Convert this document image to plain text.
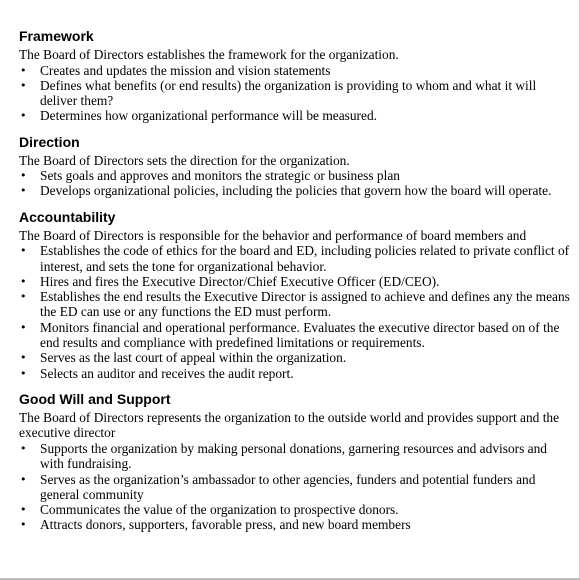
Framework
The Board of Directors establishes the framework for the organization.
• Creates and updates the mission and vision statements
• Defines what benefits (or end results) the organization is providing to whom and what it will deliver them?
• Determines how organizational performance will be measured.
Direction
The Board of Directors sets the direction for the organization.
• Sets goals and approves and monitors the strategic or business plan
• Develops organizational policies, including the policies that govern how the board will operate.
Accountability
The Board of Directors is responsible for the behavior and performance of board members and
• Establishes the code of ethics for the board and ED, including policies related to private conflict of interest, and sets the tone for organizational behavior.
• Hires and fires the Executive Director/Chief Executive Officer (ED/CEO).
• Establishes the end results the Executive Director is assigned to achieve and defines any the means the ED can use or any functions the ED must perform.
• Monitors financial and operational performance. Evaluates the executive director based on of the end results and compliance with predefined limitations or requirements.
• Serves as the last court of appeal within the organization.
• Selects an auditor and receives the audit report.
Good Will and Support
The Board of Directors represents the organization to the outside world and provides support and the executive director
• Supports the organization by making personal donations, garnering resources and advisors and with fundraising.
• Serves as the organization’s ambassador to other agencies, funders and potential funders and general community
• Communicates the value of the organization to prospective donors.
• Attracts donors, supporters, favorable press, and new board members
